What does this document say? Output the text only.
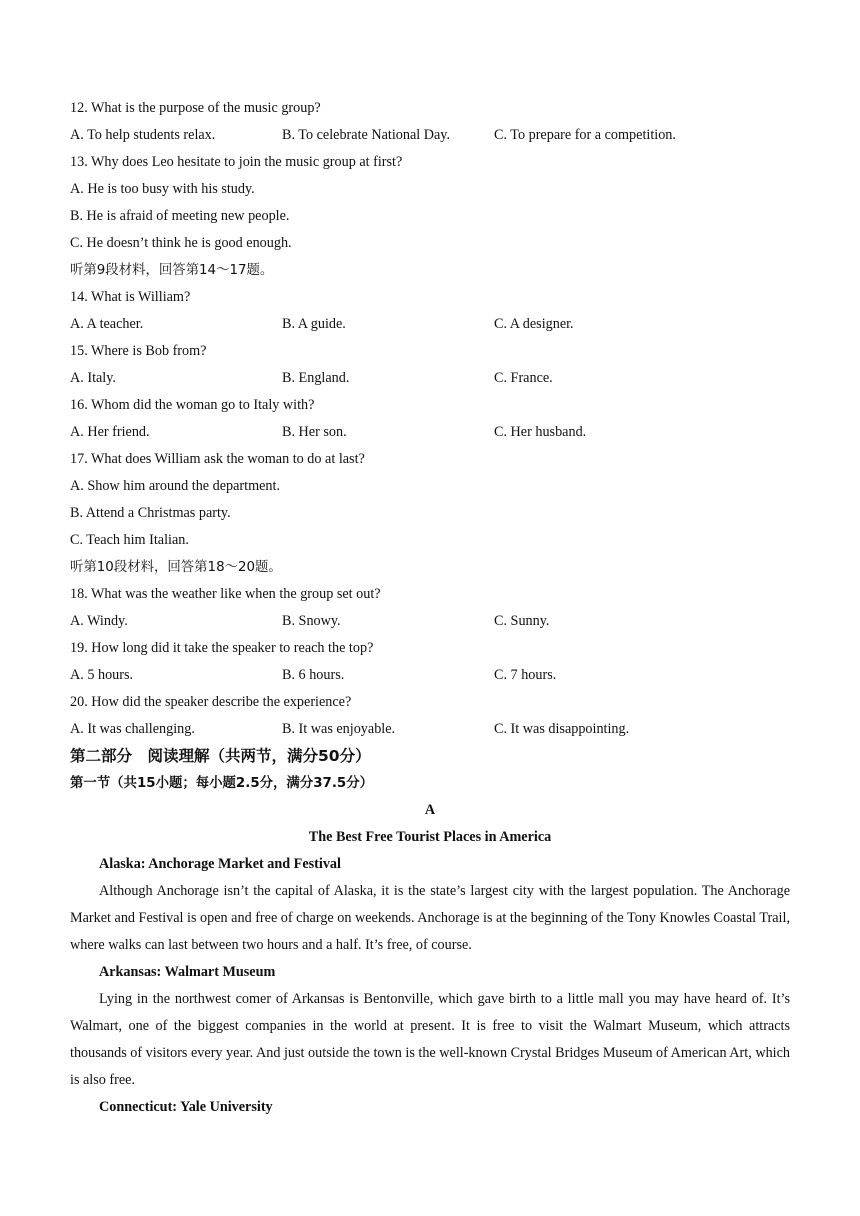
12. What is the purpose of the music group?
A. To help students relax.	B. To celebrate National Day.	C. To prepare for a competition.
13. Why does Leo hesitate to join the music group at first?
A. He is too busy with his study.
B. He is afraid of meeting new people.
C. He doesn’t think he is good enough.
听第9段材料，回答第14～17题。
14. What is William?
A. A teacher.	B. A guide.	C. A designer.
15. Where is Bob from?
A. Italy.	B. England.	C. France.
16. Whom did the woman go to Italy with?
A. Her friend.	B. Her son.	C. Her husband.
17. What does William ask the woman to do at last?
A. Show him around the department.
B. Attend a Christmas party.
C. Teach him Italian.
听第10段材料，回答第18～20题。
18. What was the weather like when the group set out?
A. Windy.	B. Snowy.	C. Sunny.
19. How long did it take the speaker to reach the top?
A. 5 hours.	B. 6 hours.	C. 7 hours.
20. How did the speaker describe the experience?
A. It was challenging.	B. It was enjoyable.	C. It was disappointing.
第二部分　阅读理解（共两节，满分50分）
第一节（共15小题；每小题2.5分，满分37.5分）
A
The Best Free Tourist Places in America
Alaska: Anchorage Market and Festival

Although Anchorage isn’t the capital of Alaska, it is the state’s largest city with the largest population. The Anchorage Market and Festival is open and free of charge on weekends. Anchorage is at the beginning of the Tony Knowles Coastal Trail, where walks can last between two hours and a half. It’s free, of course.

Arkansas: Walmart Museum

Lying in the northwest comer of Arkansas is Bentonville, which gave birth to a little mall you may have heard of. It’s Walmart, one of the biggest companies in the world at present. It is free to visit the Walmart Museum, which attracts thousands of visitors every year. And just outside the town is the well-known Crystal Bridges Museum of American Art, which is also free.

Connecticut: Yale University
